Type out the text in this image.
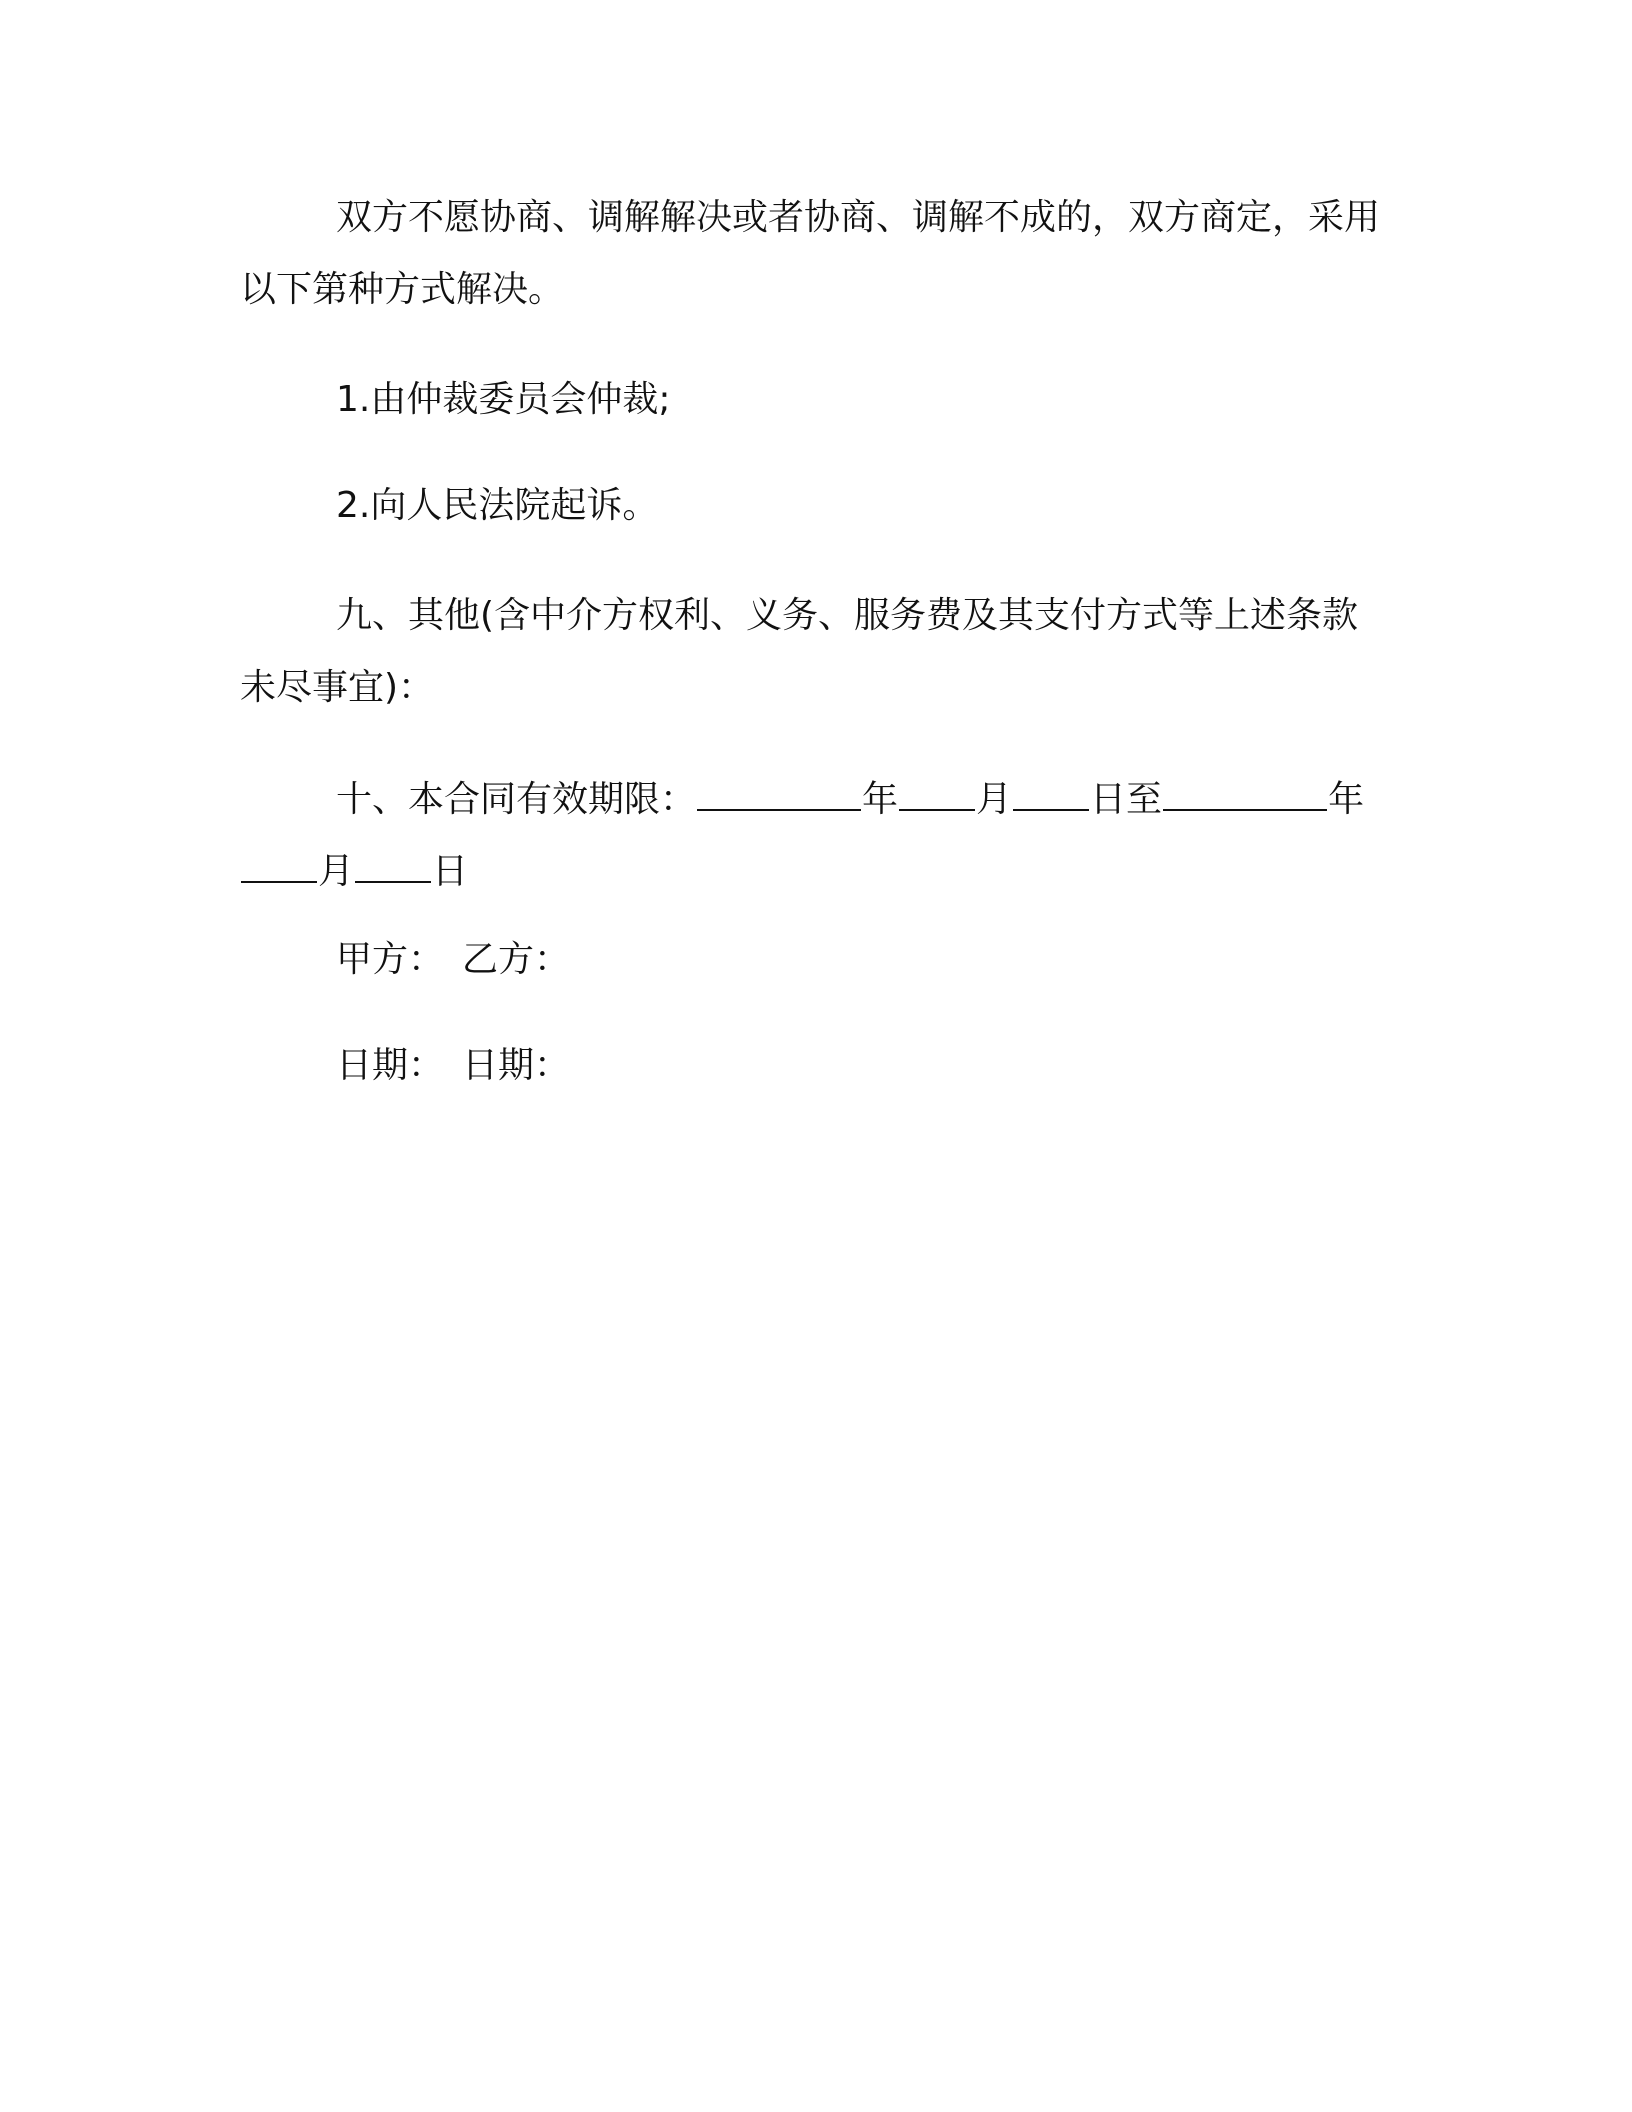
双方不愿协商、调解解决或者协商、调解不成的，双方商定，采用以下第种方式解决。

1.由仲裁委员会仲裁;

2.向人民法院起诉。

九、其他(含中介方权利、义务、服务费及其支付方式等上述条款未尽事宜)：

十、本合同有效期限：	年 月 日至	年月 日

甲方： 乙方：

日期： 日期：
